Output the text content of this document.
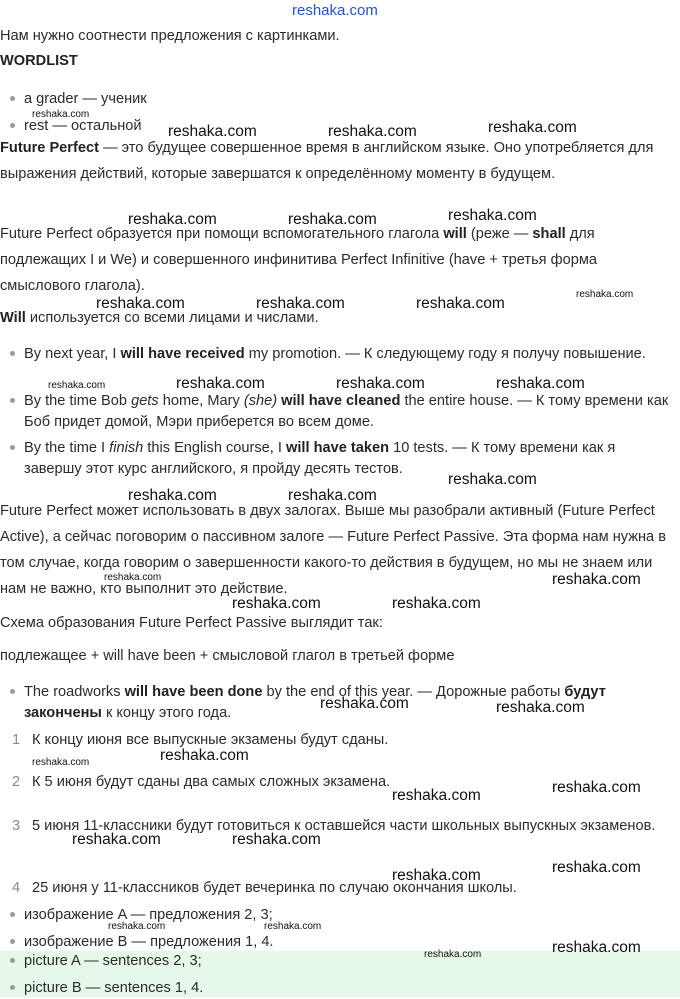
reshaka.com
Нам нужно соотнести предложения с картинками.
WORDLIST
a grader — ученик
rest — остальной
Future Perfect — это будущее совершенное время в английском языке. Оно употребляется для выражения действий, которые завершатся к определённому моменту в будущем.
Future Perfect образуется при помощи вспомогательного глагола will (реже — shall для подлежащих I и We) и совершенного инфинитива Perfect Infinitive (have + третья форма смыслового глагола).
Will используется со всеми лицами и числами.
By next year, I will have received my promotion. — К следующему году я получу повышение.
By the time Bob gets home, Mary (she) will have cleaned the entire house. — К тому времени как Боб придет домой, Мэри приберется во всем доме.
By the time I finish this English course, I will have taken 10 tests. — К тому времени как я завершу этот курс английского, я пройду десять тестов.
Future Perfect может использовать в двух залогах. Выше мы разобрали активный (Future Perfect Active), а сейчас поговорим о пассивном залоге — Future Perfect Passive. Эта форма нам нужна в том случае, когда говорим о завершенности какого-то действия в будущем, но мы не знаем или нам не важно, кто выполнит это действие.
Схема образования Future Perfect Passive выглядит так:
подлежащее + will have been + смысловой глагол в третьей форме
The roadworks will have been done by the end of this year. — Дорожные работы будут закончены к концу этого года.
1 К концу июня все выпускные экзамены будут сданы.
2 К 5 июня будут сданы два самых сложных экзамена.
3 5 июня 11-классники будут готовиться к оставшейся части школьных выпускных экзаменов.
4 25 июня у 11-классников будет вечеринка по случаю окончания школы.
изображение A — предложения 2, 3;
изображение B — предложения 1, 4.
picture A — sentences 2, 3;
picture B — sentences 1, 4.
reshaka.com
reshaka.com	reshaka.com	reshaka.com
reshaka.com	reshaka.com	reshaka.com
reshaka.com
reshaka.com	reshaka.com	reshaka.com
reshaka.com	reshaka.com	reshaka.com	reshaka.com
reshaka.com
reshaka.com	reshaka.com
reshaka.com	reshaka.com
reshaka.com	reshaka.com
reshaka.com	reshaka.com
reshaka.com
reshaka.com
reshaka.com
reshaka.com
reshaka.com	reshaka.com
reshaka.com
reshaka.com
reshaka.com	reshaka.com
reshaka.com
reshaka.com
